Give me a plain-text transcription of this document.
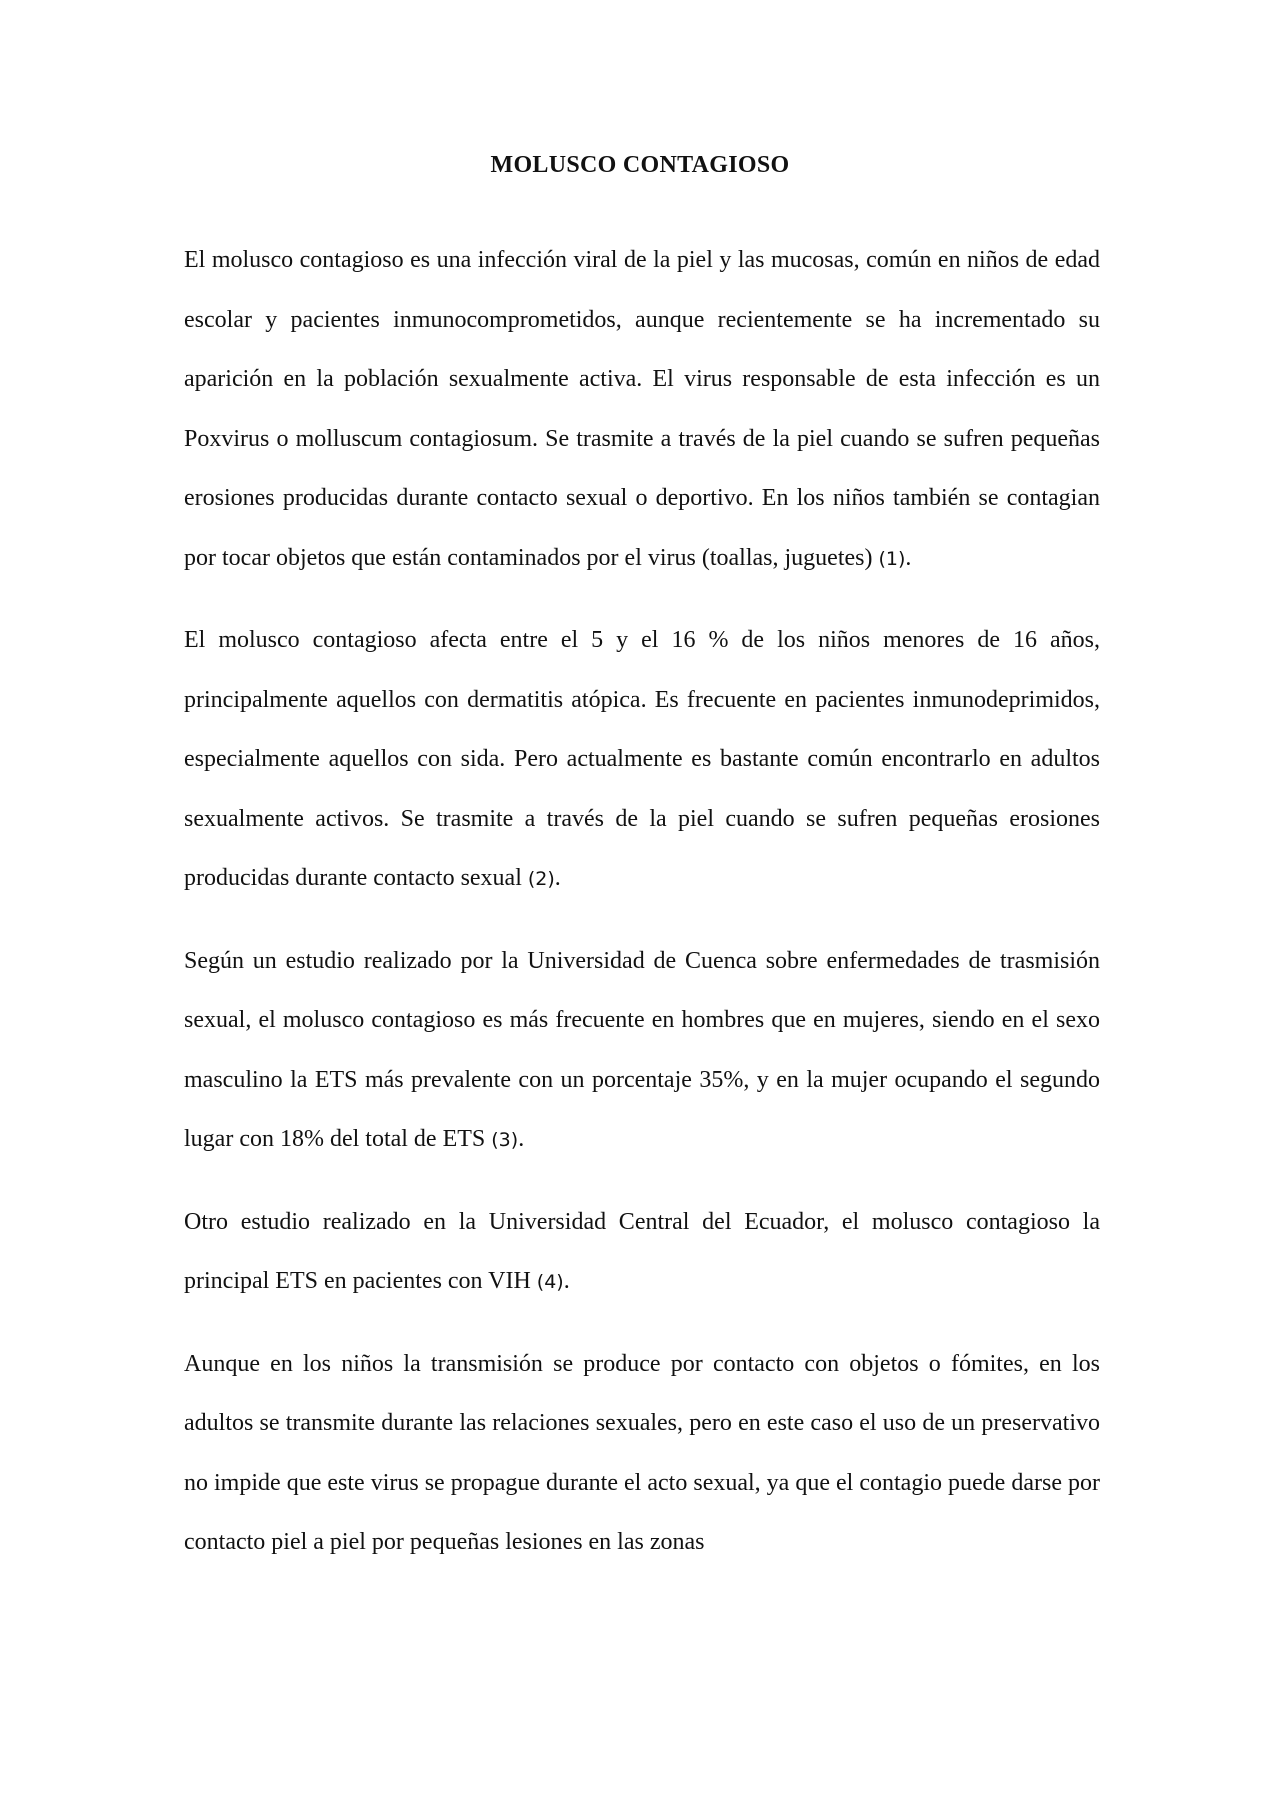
MOLUSCO CONTAGIOSO

El molusco contagioso es una infección viral de la piel y las mucosas, común en niños de edad escolar y pacientes inmunocomprometidos, aunque recientemente se ha incrementado su aparición en la población sexualmente activa. El virus responsable de esta infección es un Poxvirus o molluscum contagiosum. Se trasmite a través de la piel cuando se sufren pequeñas erosiones producidas durante contacto sexual o deportivo. En los niños también se contagian por tocar objetos que están contaminados por el virus (toallas, juguetes) (1).

El molusco contagioso afecta entre el 5 y el 16 % de los niños menores de 16 años, principalmente aquellos con dermatitis atópica. Es frecuente en pacientes inmunodeprimidos, especialmente aquellos con sida. Pero actualmente es bastante común encontrarlo en adultos sexualmente activos. Se trasmite a través de la piel cuando se sufren pequeñas erosiones producidas durante contacto sexual (2).

Según un estudio realizado por la Universidad de Cuenca sobre enfermedades de trasmisión sexual, el molusco contagioso es más frecuente en hombres que en mujeres, siendo en el sexo masculino la ETS más prevalente con un porcentaje 35%, y en la mujer ocupando el segundo lugar con 18% del total de ETS (3).

Otro estudio realizado en la Universidad Central del Ecuador, el molusco contagioso la principal ETS en pacientes con VIH (4).

Aunque en los niños la transmisión se produce por contacto con objetos o fómites, en los adultos se transmite durante las relaciones sexuales, pero en este caso el uso de un preservativo no impide que este virus se propague durante el acto sexual, ya que el contagio puede darse por contacto piel a piel por pequeñas lesiones en las zonas
